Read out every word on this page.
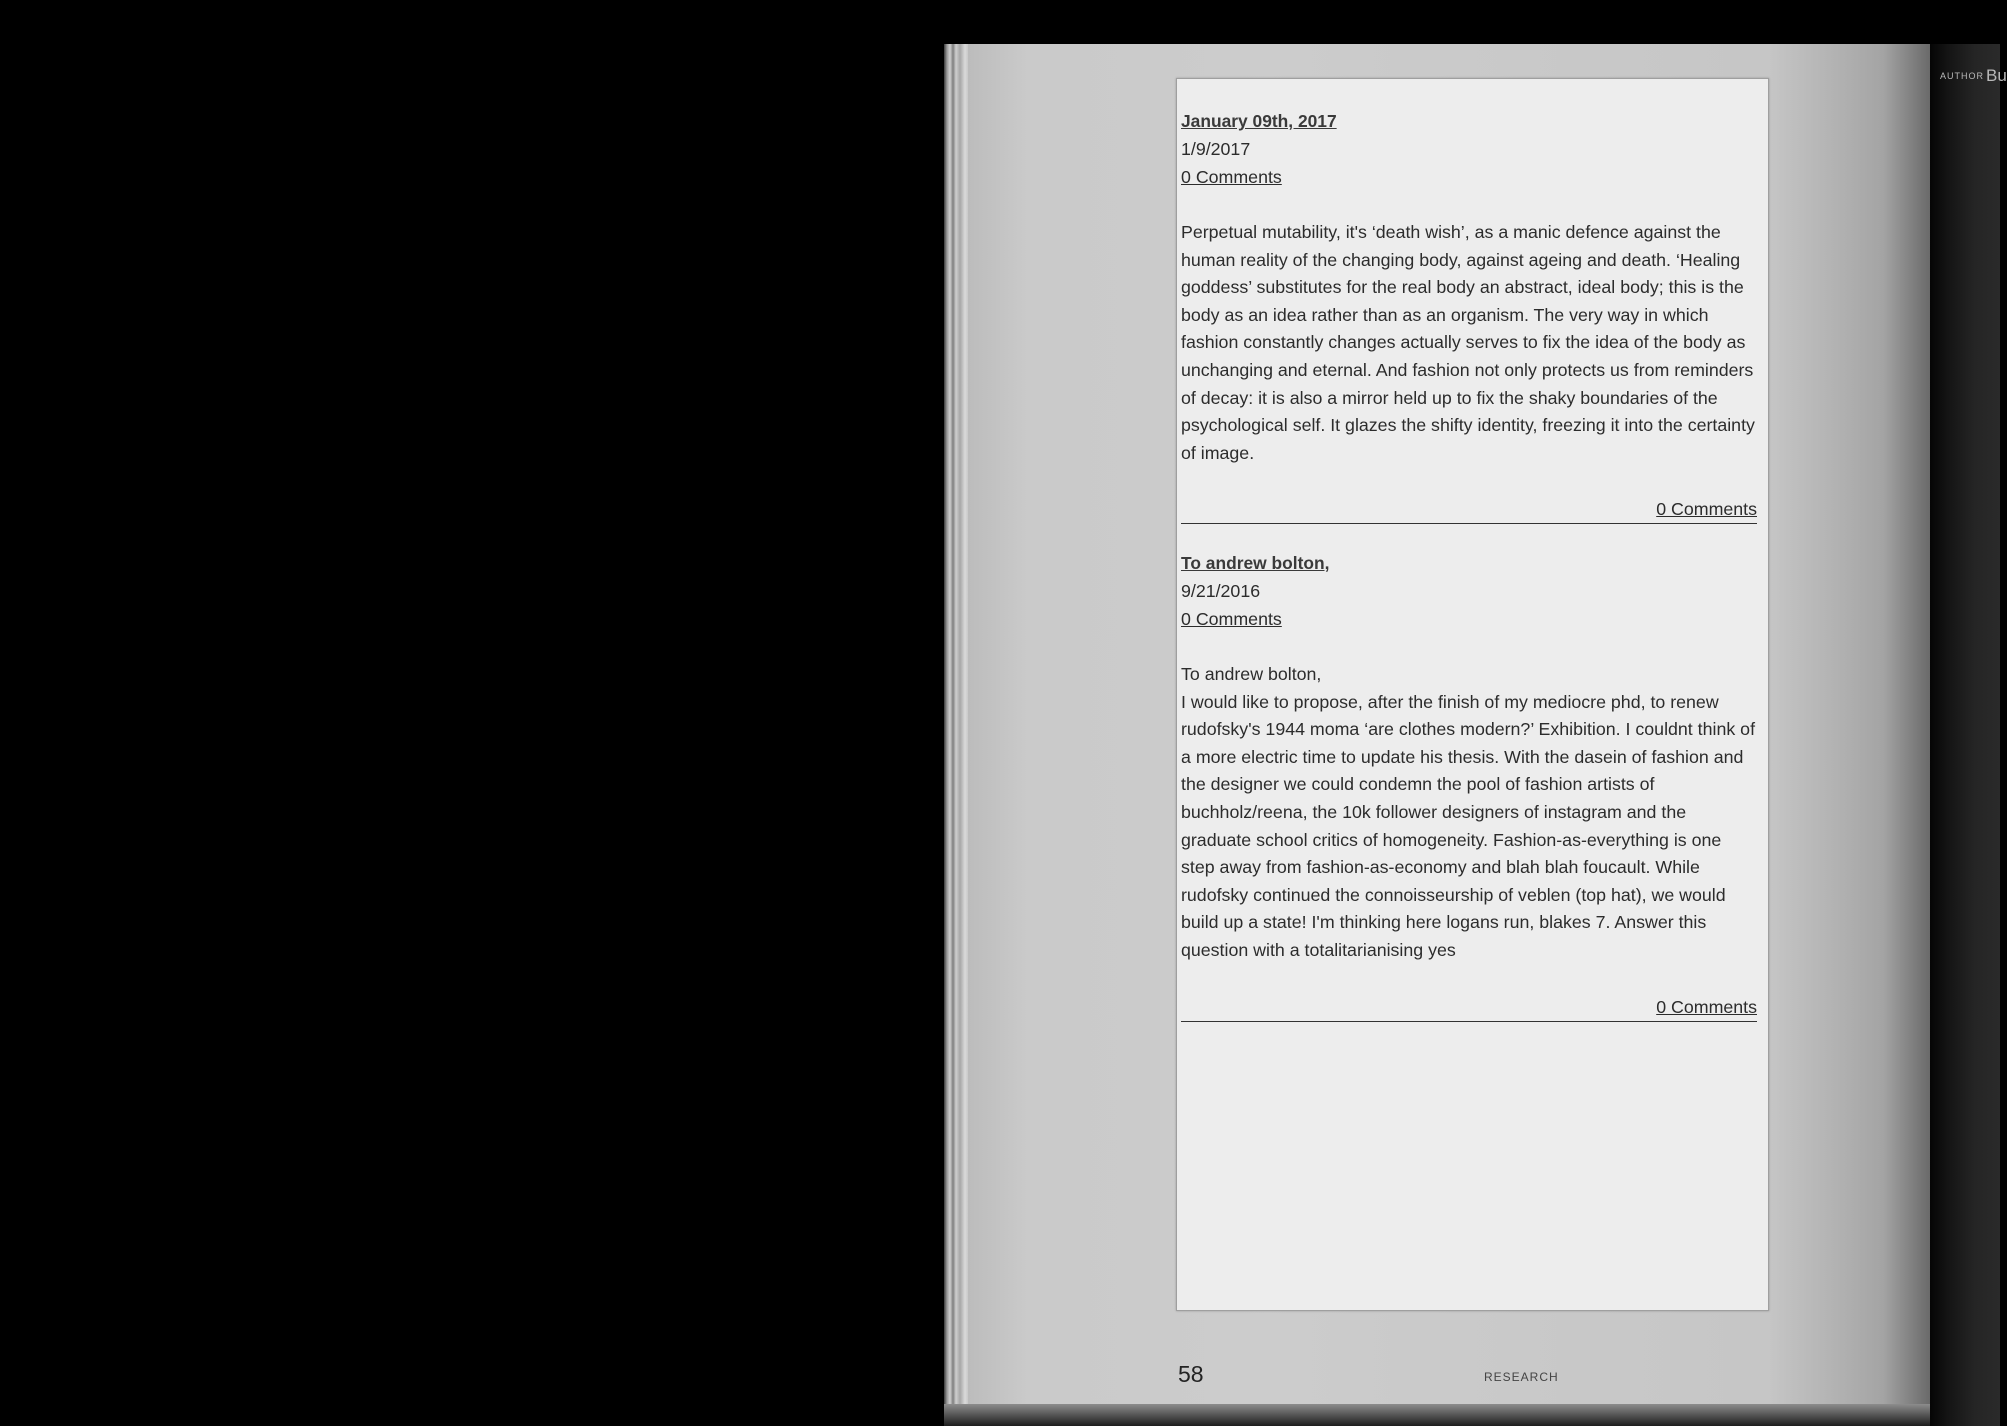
AUTHOR Bu
January 09th, 2017
1/9/2017
0 Comments

Perpetual mutability, it's ‘death wish’, as a manic defence against the human reality of the changing body, against ageing and death. ‘Healing goddess’ substitutes for the real body an abstract, ideal body; this is the body as an idea rather than as an organism. The very way in which fashion constantly changes actually serves to fix the idea of the body as unchanging and eternal. And fashion not only protects us from reminders of decay: it is also a mirror held up to fix the shaky boundaries of the psychological self. It glazes the shifty identity, freezing it into the certainty of image.

0 Comments
To andrew bolton,
9/21/2016
0 Comments

To andrew bolton,

I would like to propose, after the finish of my mediocre phd, to renew rudofsky's 1944 moma ‘are clothes modern?’ Exhibition. I couldnt think of a more electric time to update his thesis. With the dasein of fashion and the designer we could condemn the pool of fashion artists of buchholz/reena, the 10k follower designers of instagram and the graduate school critics of homogeneity. Fashion-as-everything is one step away from fashion-as-economy and blah blah foucault. While rudofsky continued the connoisseurship of veblen (top hat), we would build up a state! I'm thinking here logans run, blakes 7. Answer this question with a totalitarianising yes

0 Comments
58	RESEARCH
